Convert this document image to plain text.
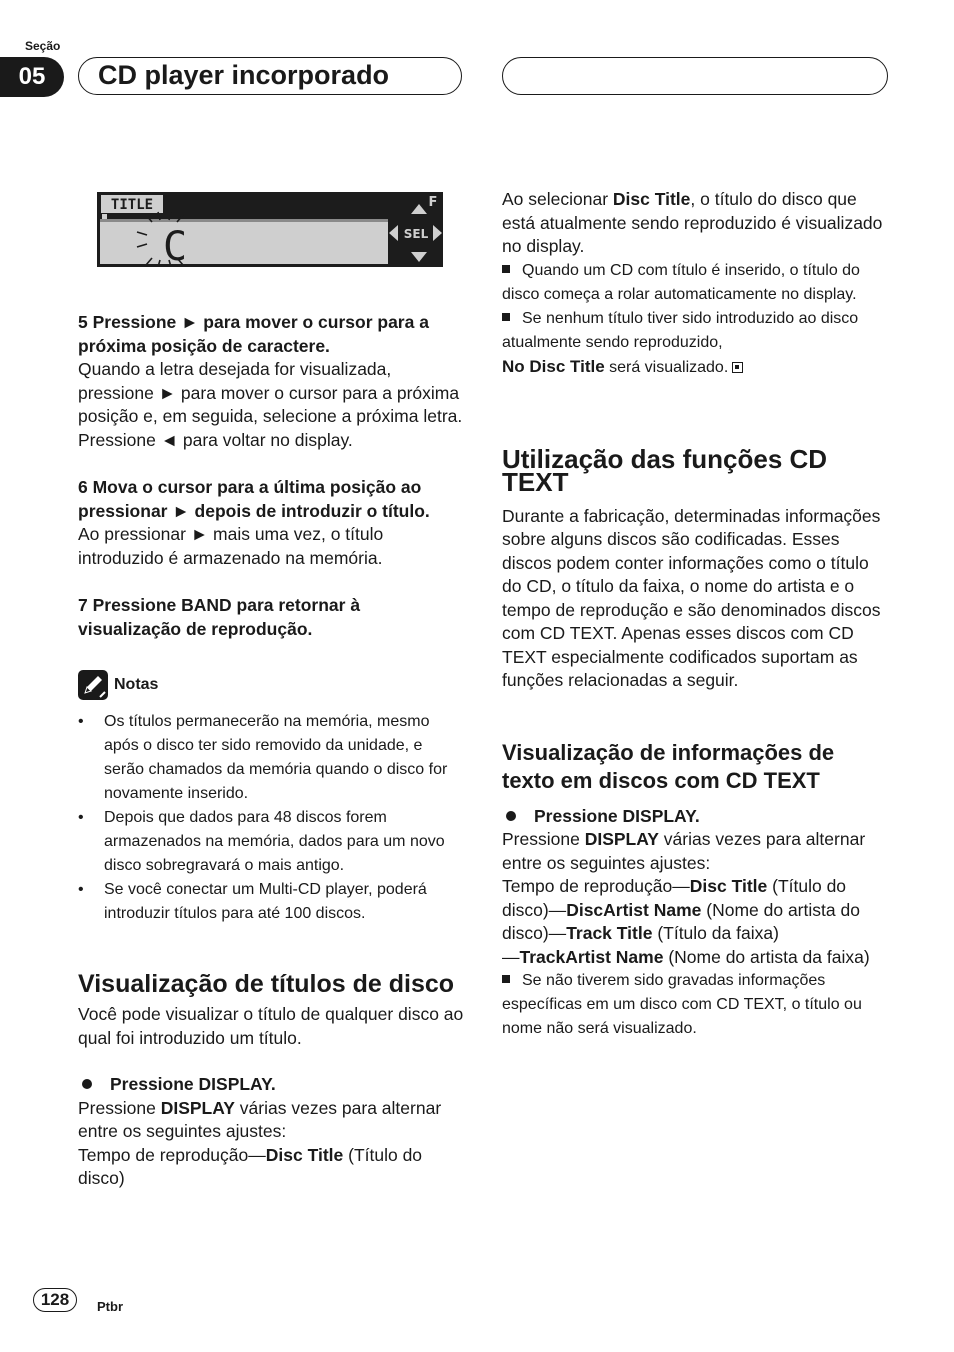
Seção
05	CD player incorporado
TITLE	F
SEL
C

5 Pressione ► para mover o cursor para a próxima posição de caractere.

Quando a letra desejada for visualizada, pressione ► para mover o cursor para a próxima posição e, em seguida, selecione a próxima letra. Pressione ◄ para voltar no display.

6 Mova o cursor para a última posição ao pressionar ► depois de introduzir o título.

Ao pressionar ► mais uma vez, o título introduzido é armazenado na memória.

7 Pressione BAND para retornar à visualização de reprodução.

Notas
• Os títulos permanecerão na memória, mesmo após o disco ter sido removido da unidade, e serão chamados da memória quando o disco for novamente inserido.
• Depois que dados para 48 discos forem armazenados na memória, dados para um novo disco sobregravará o mais antigo.
• Se você conectar um Multi-CD player, poderá introduzir títulos para até 100 discos.

Visualização de títulos de disco

Você pode visualizar o título de qualquer disco ao qual foi introduzido um título.

Pressione DISPLAY.

Pressione DISPLAY várias vezes para alternar entre os seguintes ajustes:

Tempo de reprodução—Disc Title (Título do disco)

Ao selecionar Disc Title, o título do disco que está atualmente sendo reproduzido é visualizado no display.

Quando um CD com título é inserido, o título do disco começa a rolar automaticamente no display.

Se nenhum título tiver sido introduzido ao disco atualmente sendo reproduzido,

No Disc Title será visualizado.

Utilização das funções CD TEXT

Durante a fabricação, determinadas informações sobre alguns discos são codificadas. Esses discos podem conter informações como o título do CD, o título da faixa, o nome do artista e o tempo de reprodução e são denominados discos com CD TEXT. Apenas esses discos com CD TEXT especialmente codificados suportam as funções relacionadas a seguir.

Visualização de informações de texto em discos com CD TEXT

Pressione DISPLAY.

Pressione DISPLAY várias vezes para alternar entre os seguintes ajustes:

Tempo de reprodução—Disc Title (Título do disco)—DiscArtist Name (Nome do artista do disco)—Track Title (Título da faixa)
—TrackArtist Name (Nome do artista da faixa)

Se não tiverem sido gravadas informações específicas em um disco com CD TEXT, o título ou nome não será visualizado.

128	Ptbr
